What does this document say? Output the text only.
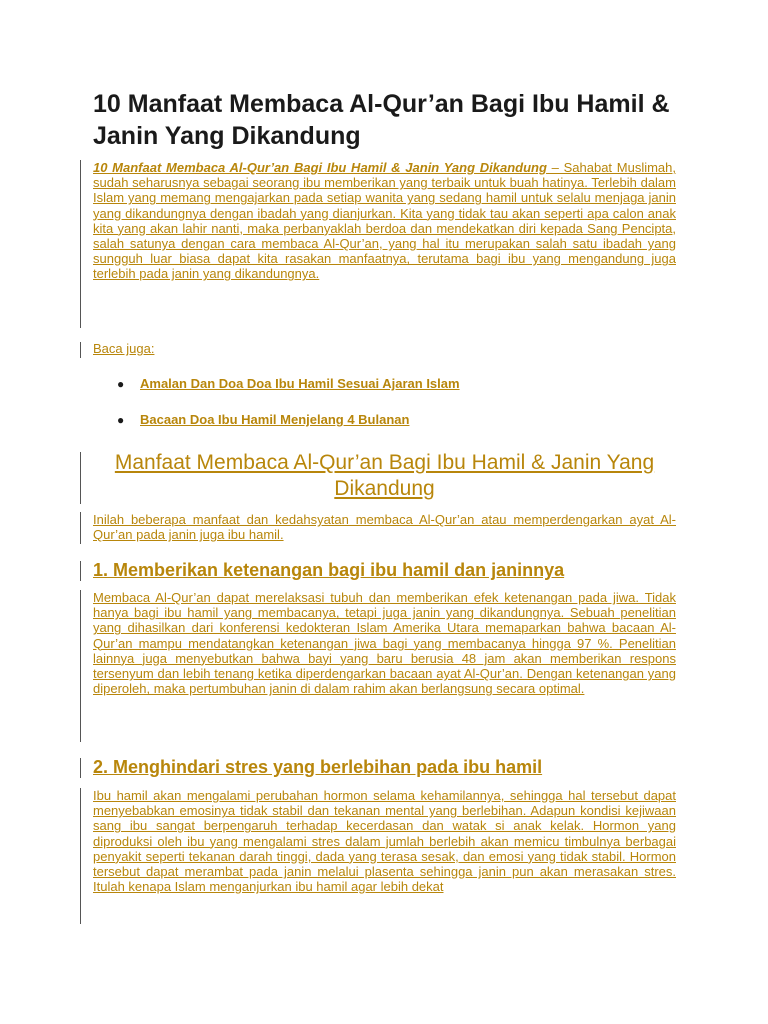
10 Manfaat Membaca Al-Qur’an Bagi Ibu Hamil & Janin Yang Dikandung

10 Manfaat Membaca Al-Qur’an Bagi Ibu Hamil & Janin Yang Dikandung – Sahabat Muslimah, sudah seharusnya sebagai seorang ibu memberikan yang terbaik untuk buah hatinya. Terlebih dalam Islam yang memang mengajarkan pada setiap wanita yang sedang hamil untuk selalu menjaga janin yang dikandungnya dengan ibadah yang dianjurkan. Kita yang tidak tau akan seperti apa calon anak kita yang akan lahir nanti, maka perbanyaklah berdoa dan mendekatkan diri kepada Sang Pencipta, salah satunya dengan cara membaca Al-Qur’an, yang hal itu merupakan salah satu ibadah yang sungguh luar biasa dapat kita rasakan manfaatnya, terutama bagi ibu yang mengandung juga terlebih pada janin yang dikandungnya.

Baca juga:
● Amalan Dan Doa Doa Ibu Hamil Sesuai Ajaran Islam
● Bacaan Doa Ibu Hamil Menjelang 4 Bulanan
Manfaat Membaca Al-Qur’an Bagi Ibu Hamil & Janin Yang Dikandung

Inilah beberapa manfaat dan kedahsyatan membaca Al-Qur’an atau memperdengarkan ayat Al-Qur’an pada janin juga ibu hamil.

1. Memberikan ketenangan bagi ibu hamil dan janinnya

Membaca Al-Qur’an dapat merelaksasi tubuh dan memberikan efek ketenangan pada jiwa. Tidak hanya bagi ibu hamil yang membacanya, tetapi juga janin yang dikandungnya. Sebuah penelitian yang dihasilkan dari konferensi kedokteran Islam Amerika Utara memaparkan bahwa bacaan Al-Qur’an mampu mendatangkan ketenangan jiwa bagi yang membacanya hingga 97 %. Penelitian lainnya juga menyebutkan bahwa bayi yang baru berusia 48 jam akan memberikan respons tersenyum dan lebih tenang ketika diperdengarkan bacaan ayat Al-Qur’an. Dengan ketenangan yang diperoleh, maka pertumbuhan janin di dalam rahim akan berlangsung secara optimal.

2. Menghindari stres yang berlebihan pada ibu hamil

Ibu hamil akan mengalami perubahan hormon selama kehamilannya, sehingga hal tersebut dapat menyebabkan emosinya tidak stabil dan tekanan mental yang berlebihan. Adapun kondisi kejiwaan sang ibu sangat berpengaruh terhadap kecerdasan dan watak si anak kelak. Hormon yang diproduksi oleh ibu yang mengalami stres dalam jumlah berlebih akan memicu timbulnya berbagai penyakit seperti tekanan darah tinggi, dada yang terasa sesak, dan emosi yang tidak stabil. Hormon tersebut dapat merambat pada janin melalui plasenta sehingga janin pun akan merasakan stres. Itulah kenapa Islam menganjurkan ibu hamil agar lebih dekat
